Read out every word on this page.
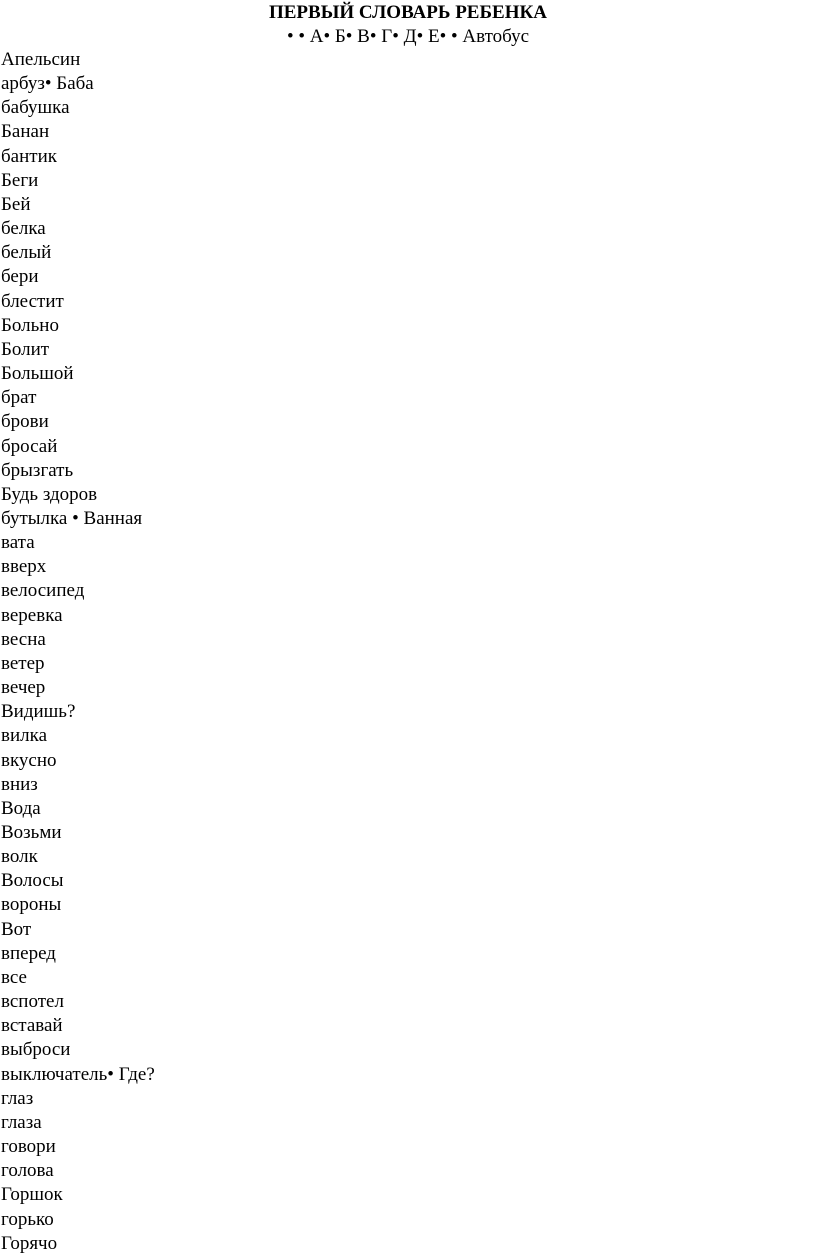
ПЕРВЫЙ СЛОВАРЬ РЕБЕНКА
• • А• Б• В• Г• Д• Е• • Автобус
Апельсин
арбуз• Баба
бабушка
Банан
бантик
Беги
Бей
белка
белый
бери
блестит
Больно
Болит
Большой
брат
брови
бросай
брызгать
Будь здоров
бутылка • Ванная
вата
вверх
велосипед
веревка
весна
ветер
вечер
Видишь?
вилка
вкусно
вниз
Вода
Возьми
волк
Волосы
вороны
Вот
вперед
все
вспотел
вставай
выброси
выключатель• Где?
глаз
глаза
говори
голова
Горшок
горько
Горячо
